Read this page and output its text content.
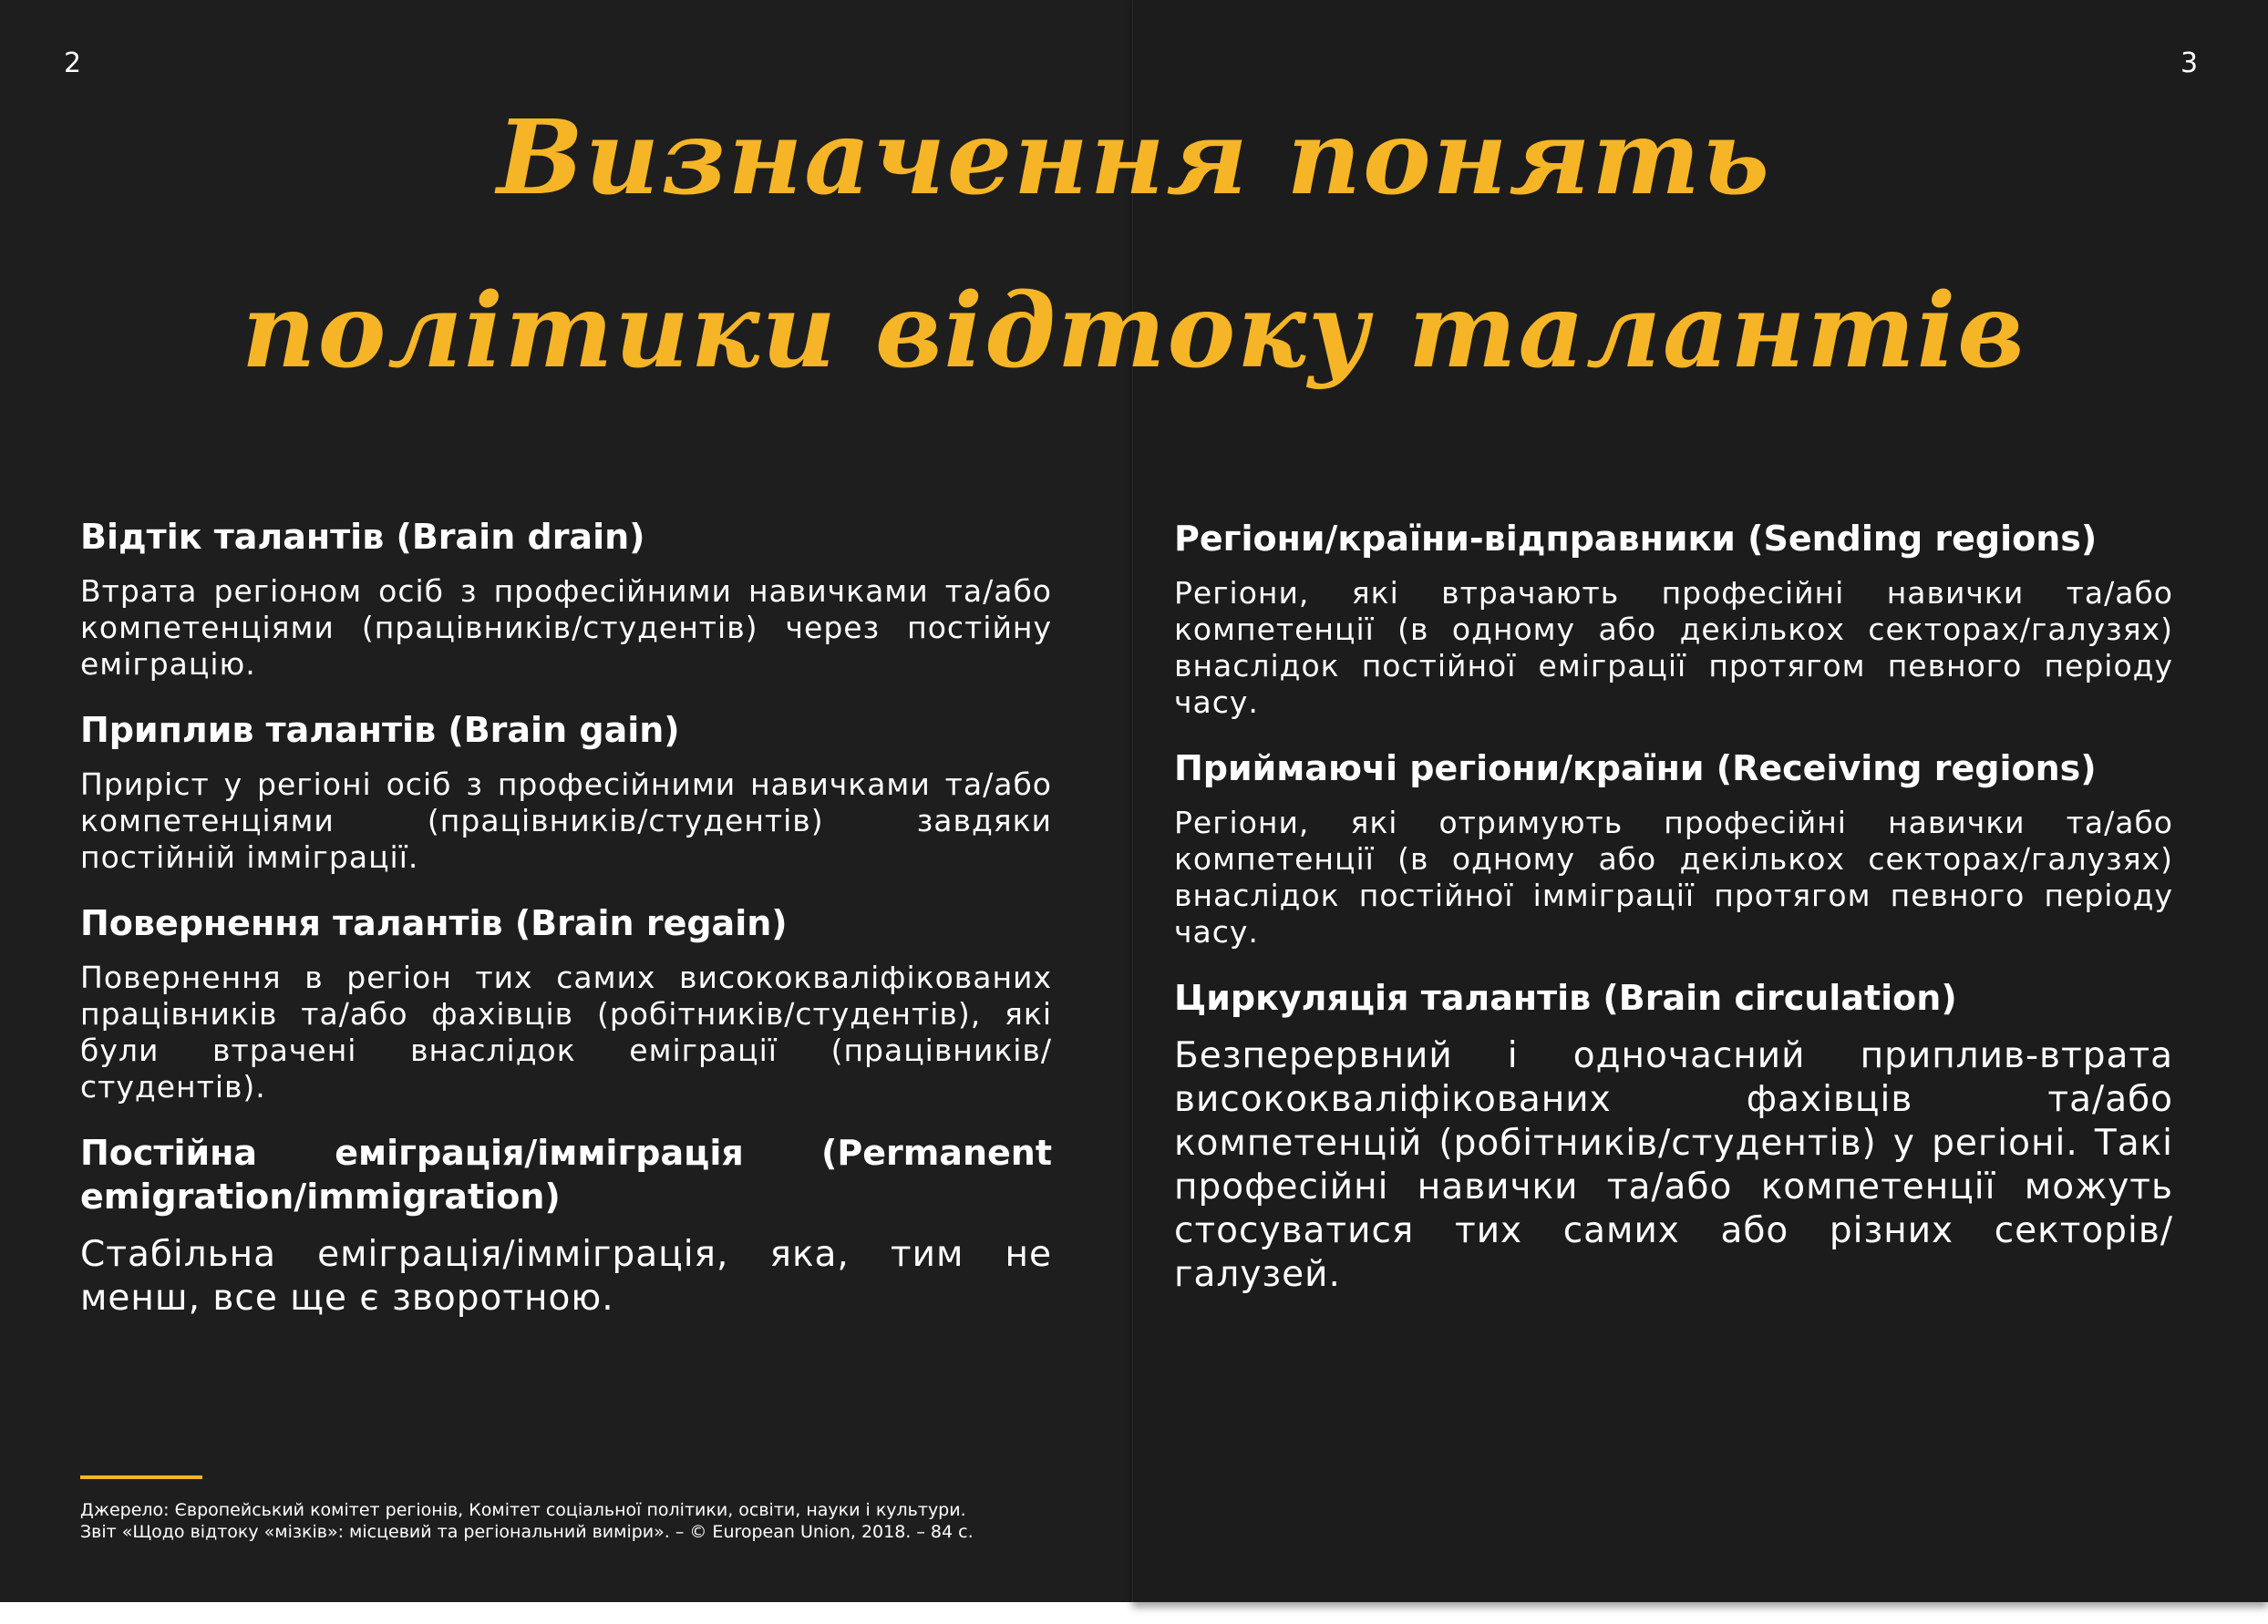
2	3
Визначення понять
політики відтоку талантів
Відтік талантів (Brain drain)
Втрата регіоном осіб з професійними навичками та/або компетенціями (працівників/студентів) через постійну еміграцію.
Приплив талантів (Brain gain)
Приріст у регіоні осіб з професійними навичками та/або компетенціями (працівників/студентів) завдяки постійній імміграції.
Повернення талантів (Brain regain)
Повернення в регіон тих самих висококваліфікованих працівників та/або фахівців (робітників/студентів), які були втрачені внаслідок еміграції (працівників/студентів).
Постійна еміграція/імміграція (Permanent emigration/immigration)
Стабільна еміграція/імміграція, яка, тим не менш, все ще є зворотною.
Регіони/країни-відправники (Sending regions)
Регіони, які втрачають професійні навички та/або компетенції (в одному або декількох секторах/галузях) внаслідок постійної еміграції протягом певного періоду часу.
Приймаючі регіони/країни (Receiving regions)
Регіони, які отримують професійні навички та/або компетенції (в одному або декількох секторах/галузях) внаслідок постійної імміграції протягом певного періоду часу.
Циркуляція талантів (Brain circulation)
Безперервний і одночасний приплив-втрата висококваліфікованих фахівців та/або компетенцій (робітників/студентів) у регіоні. Такі професійні навички та/або компетенції можуть стосуватися тих самих або різних секторів/галузей.
Джерело: Європейський комітет регіонів, Комітет соціальної політики, освіти, науки і культури.
Звіт «Щодо відтоку «мізків»: місцевий та регіональний виміри». – © European Union, 2018. – 84 с.
